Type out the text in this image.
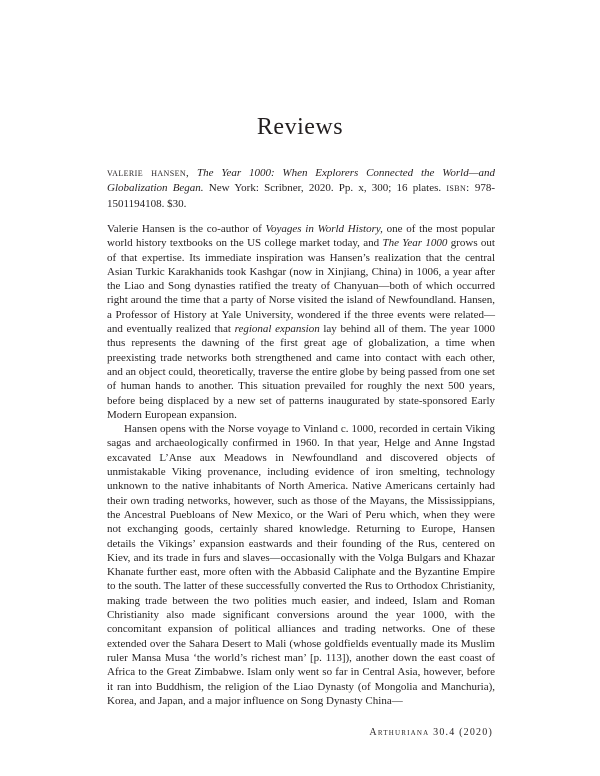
Reviews
valerie hansen, The Year 1000: When Explorers Connected the World—and Globalization Began. New York: Scribner, 2020. Pp. x, 300; 16 plates. isbn: 978-1501194108. $30.

Valerie Hansen is the co-author of Voyages in World History, one of the most popular world history textbooks on the US college market today, and The Year 1000 grows out of that expertise. Its immediate inspiration was Hansen’s realization that the central Asian Turkic Karakhanids took Kashgar (now in Xinjiang, China) in 1006, a year after the Liao and Song dynasties ratified the treaty of Chanyuan—both of which occurred right around the time that a party of Norse visited the island of Newfoundland. Hansen, a Professor of History at Yale University, wondered if the three events were related—and eventually realized that regional expansion lay behind all of them. The year 1000 thus represents the dawning of the first great age of globalization, a time when preexisting trade networks both strengthened and came into contact with each other, and an object could, theoretically, traverse the entire globe by being passed from one set of human hands to another. This situation prevailed for roughly the next 500 years, before being displaced by a new set of patterns inaugurated by state-sponsored Early Modern European expansion.

Hansen opens with the Norse voyage to Vinland c. 1000, recorded in certain Viking sagas and archaeologically confirmed in 1960. In that year, Helge and Anne Ingstad excavated L’Anse aux Meadows in Newfoundland and discovered objects of unmistakable Viking provenance, including evidence of iron smelting, technology unknown to the native inhabitants of North America. Native Americans certainly had their own trading networks, however, such as those of the Mayans, the Mississippians, the Ancestral Puebloans of New Mexico, or the Wari of Peru which, when they were not exchanging goods, certainly shared knowledge. Returning to Europe, Hansen details the Vikings’ expansion eastwards and their founding of the Rus, centered on Kiev, and its trade in furs and slaves—occasionally with the Volga Bulgars and Khazar Khanate further east, more often with the Abbasid Caliphate and the Byzantine Empire to the south. The latter of these successfully converted the Rus to Orthodox Christianity, making trade between the two polities much easier, and indeed, Islam and Roman Christianity also made significant conversions around the year 1000, with the concomitant expansion of political alliances and trading networks. One of these extended over the Sahara Desert to Mali (whose goldfields eventually made its Muslim ruler Mansa Musa ‘the world’s richest man’ [p. 113]), another down the east coast of Africa to the Great Zimbabwe. Islam only went so far in Central Asia, however, before it ran into Buddhism, the religion of the Liao Dynasty (of Mongolia and Manchuria), Korea, and Japan, and a major influence on Song Dynasty China—

Arthuriana 30.4 (2020)
